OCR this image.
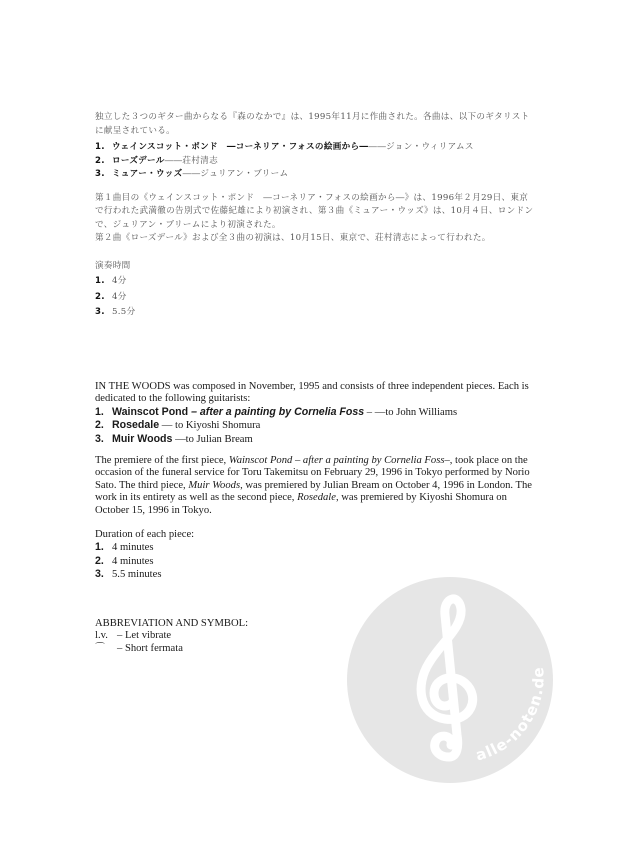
独立した３つのギター曲からなる『森のなかで』は、1995年11月に作曲された。各曲は、以下のギタリストに献呈されている。

1. ウェインスコット・ポンド　―コーネリア・フォスの絵画から―――ジョン・ウィリアムス

2. ローズデール――荘村清志

3. ミュアー・ウッズ――ジュリアン・ブリーム

第１曲目の《ウェインスコット・ポンド　―コーネリア・フォスの絵画から―》は、1996年２月29日、東京で行われた武満徹の告別式で佐藤紀雄により初演され、第３曲《ミュアー・ウッズ》は、10月４日、ロンドンで、ジュリアン・ブリームにより初演された。

第２曲《ローズデール》および全３曲の初演は、10月15日、東京で、荘村清志によって行われた。

演奏時間

1. 4分

2. 4分

3. 5.5分

alle-noten.de

IN THE WOODS was composed in November, 1995 and consists of three independent pieces. Each is dedicated to the following guitarists:

1. Wainscot Pond – after a painting by Cornelia Foss – —to John Williams

2. Rosedale — to Kiyoshi Shomura

3. Muir Woods —to Julian Bream

The premiere of the first piece, Wainscot Pond – after a painting by Cornelia Foss–, took place on the occasion of the funeral service for Toru Takemitsu on February 29, 1996 in Tokyo performed by Norio Sato. The third piece, Muir Woods, was premiered by Julian Bream on October 4, 1996 in London. The work in its entirety as well as the second piece, Rosedale, was premiered by Kiyoshi Shomura on October 15, 1996 in Tokyo.

Duration of each piece:

1. 4 minutes

2. 4 minutes

3. 5.5 minutes

ABBREVIATION AND SYMBOL:

l.v. – Let vibrate
⌒	– Short fermata
